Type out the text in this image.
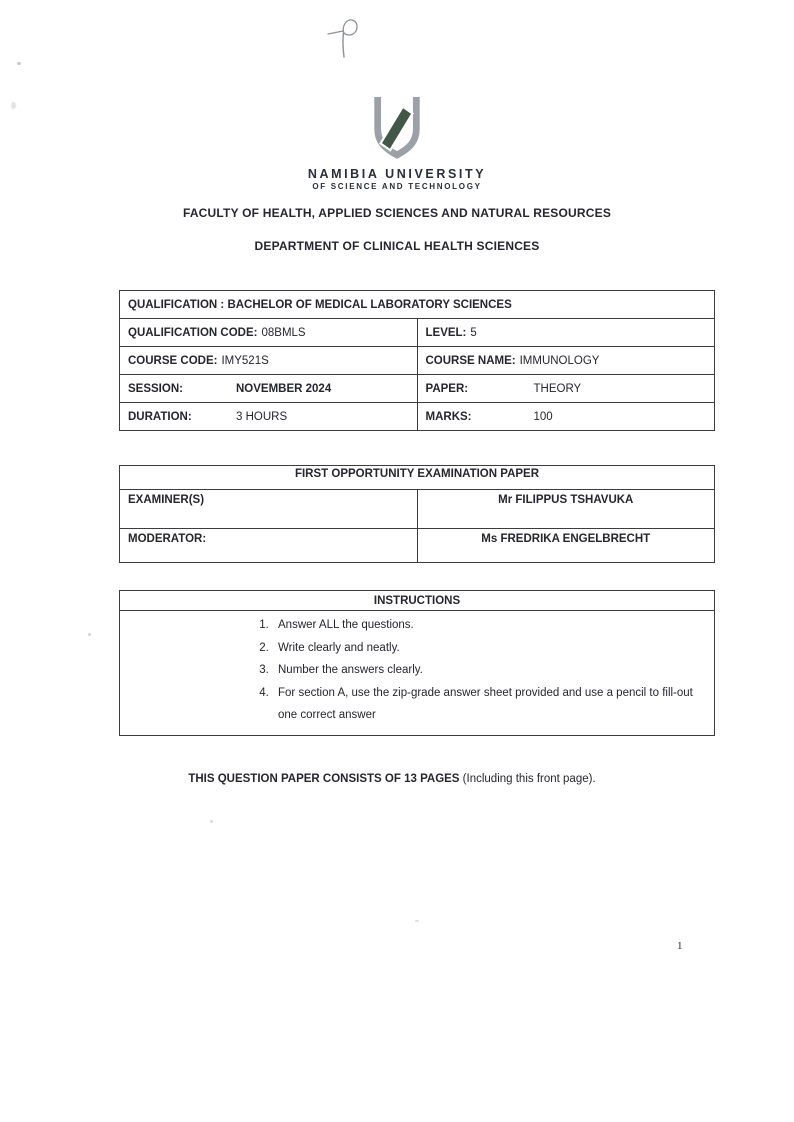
NAMIBIA UNIVERSITY
OF SCIENCE AND TECHNOLOGY
FACULTY OF HEALTH, APPLIED SCIENCES AND NATURAL RESOURCES
DEPARTMENT OF CLINICAL HEALTH SCIENCES
QUALIFICATION : BACHELOR OF MEDICAL LABORATORY SCIENCES	
QUALIFICATION CODE: 08BMLS	LEVEL: 5
COURSE CODE: IMY521S	COURSE NAME: IMMUNOLOGY
SESSION: NOVEMBER 2024	PAPER: THEORY
DURATION: 3 HOURS	MARKS: 100
FIRST OPPORTUNITY EXAMINATION PAPER	
EXAMINER(S)	Mr FILIPPUS TSHAVUKA
MODERATOR:	Ms FREDRIKA ENGELBRECHT
INSTRUCTIONS

1. Answer ALL the questions.
2. Write clearly and neatly.
3. Number the answers clearly.
4. For section A, use the zip-grade answer sheet provided and use a pencil to fill-out one correct answer
THIS QUESTION PAPER CONSISTS OF 13 PAGES (Including this front page).
1
